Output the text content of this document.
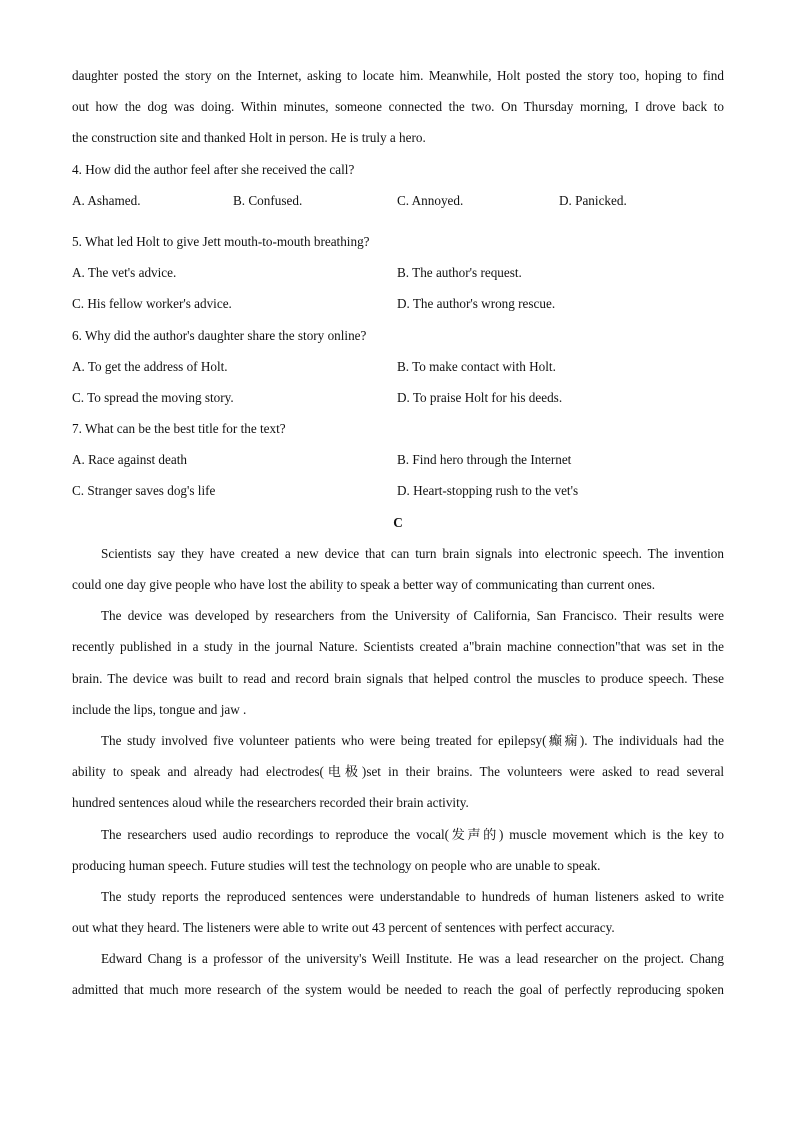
daughter posted the story on the Internet, asking to locate him. Meanwhile, Holt posted the story too, hoping to find
out how the dog was doing. Within minutes, someone connected the two. On Thursday morning, I drove back to
the construction site and thanked Holt in person. He is truly a hero.
4. How did the author feel after she received the call?
A. Ashamed.	B. Confused.	C. Annoyed.	D. Panicked.
5. What led Holt to give Jett mouth-to-mouth breathing?
A. The vet's advice.	B. The author's request.
C. His fellow worker's advice.	D. The author's wrong rescue.
6. Why did the author's daughter share the story online?
A. To get the address of Holt.	B. To make contact with Holt.
C. To spread the moving story.	D. To praise Holt for his deeds.
7. What can be the best title for the text?
A. Race against death	B. Find hero through the Internet
C. Stranger saves dog's life	D. Heart-stopping rush to the vet's
C
Scientists say they have created a new device that can turn brain signals into electronic speech. The invention
could one day give people who have lost the ability to speak a better way of communicating than current ones.
The device was developed by researchers from the University of California, San Francisco. Their results were
recently published in a study in the journal Nature. Scientists created a"brain machine connection"that was set in the
brain. The device was built to read and record brain signals that helped control the muscles to produce speech. These
include the lips, tongue and jaw .
The study involved five volunteer patients who were being treated for epilepsy(癫痫). The individuals had the
ability to speak and already had electrodes(电极)set in their brains. The volunteers were asked to read several
hundred sentences aloud while the researchers recorded their brain activity.
The researchers used audio recordings to reproduce the vocal(发声的) muscle movement which is the key to
producing human speech. Future studies will test the technology on people who are unable to speak.
The study reports the reproduced sentences were understandable to hundreds of human listeners asked to write
out what they heard. The listeners were able to write out 43 percent of sentences with perfect accuracy.
Edward Chang is a professor of the university's Weill Institute. He was a lead researcher on the project. Chang
admitted that much more research of the system would be needed to reach the goal of perfectly reproducing spoken
